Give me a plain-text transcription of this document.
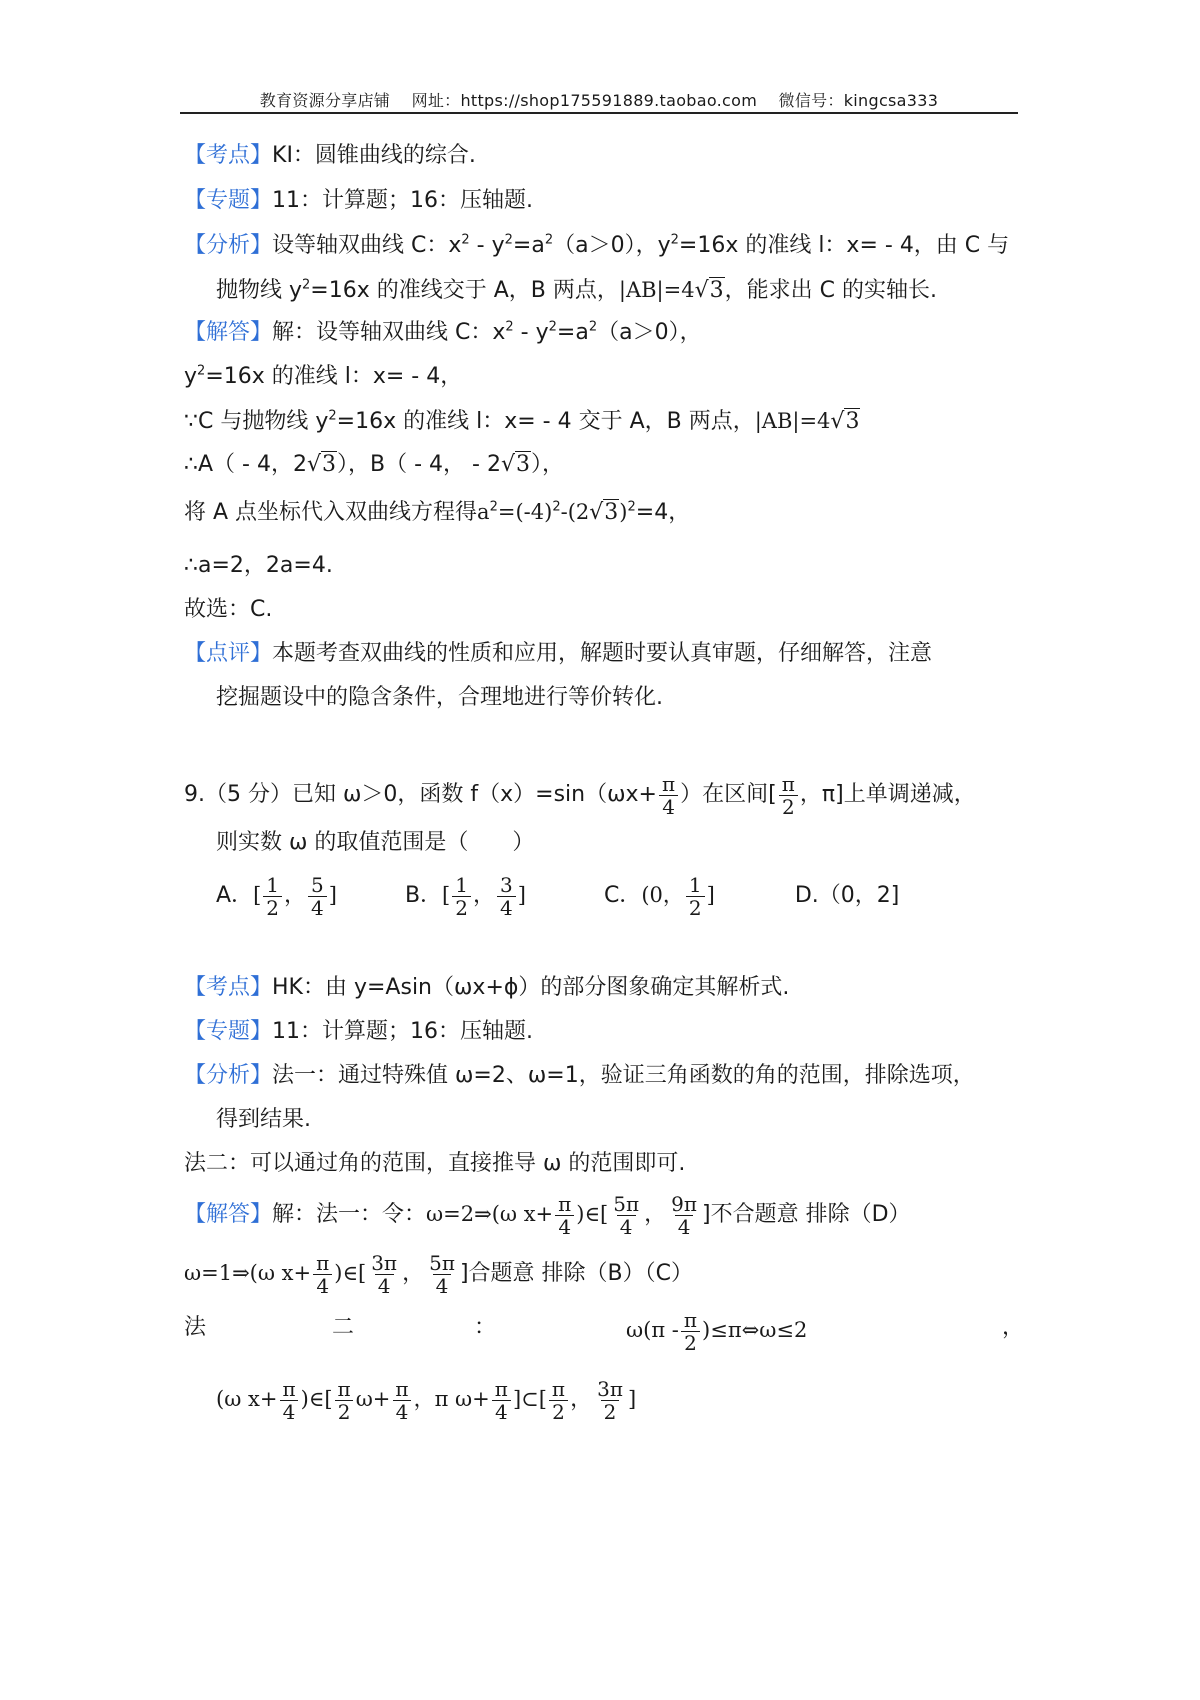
教育资源分享店铺 网址：https://shop175591889.taobao.com 微信号：kingcsa333
【考点】KI：圆锥曲线的综合.
【专题】11：计算题；16：压轴题.
【分析】设等轴双曲线 C：$x^2 - y^2=a^2(a>0)$，$y^2=16x$ 的准线 l：x= - 4，由 C 与
抛物线 $y^2=16x$ 的准线交于 A，B 两点，|AB|=4√3，能求出 C 的实轴长.
【解答】解：设等轴双曲线 C：$x^2 - y^2=a^2(a>0)$，
$y^2=16x$ 的准线 l：x= - 4，
∵C 与抛物线 $y^2=16x$ 的准线 l：x= - 4 交于 A，B 两点，|AB|=4√3
∴A（ - 4，2√3），B（ - 4， - 2√3），
将 A 点坐标代入双曲线方程得$a^2=(-4)^2-(2√3)^2=4$，
∴a=2，2a=4.
故选：C.
【点评】本题考查双曲线的性质和应用，解题时要认真审题，仔细解答，注意
挖掘题设中的隐含条件，合理地进行等价转化.
9.（5 分）已知 ω＞0，函数 $f(x)=\sin(\omega x+ \frac{\pi}{4}$ ）在区间[ $\frac{\pi}{2}$ ，π]上单调递减，
则实数 ω 的取值范围是（　　）
A．[ $\frac{1}{2}$ ， $\frac{5}{4}$ ]	B．[ $\frac{1}{2}$ ， $\frac{3}{4}$ ]	C．(0， $\frac{1}{2}$ ]	D.（0，2]
【考点】HK：由 y=Asin（ωx+ϕ）的部分图象确定其解析式.
【专题】11：计算题；16：压轴题.
【分析】法一：通过特殊值 ω=2、ω=1，验证三角函数的角的范围，排除选项，
得到结果.
法二：可以通过角的范围，直接推导 ω 的范围即可.
【解答】解：法一：令：ω=2⇒(ω $x+ \frac{\pi}{4}$ )∈[ $\frac{5\pi}{4}$ ， $\frac{9\pi}{4}$ ]不合题意 排除（D）
ω=1⇒(ω $x+ \frac{\pi}{4}$ )∈[ $\frac{3\pi}{4}$ ， $\frac{5\pi}{4}$ ]合题意 排除（B）（C）
法	二	：	$\omega(\pi - \frac{\pi}{2}$ )≤π⇔ω≤2	，
(ω $x+ \frac{\pi}{4}$ )∈[ $\frac{\pi}{2} \omega+ \frac{\pi}{4}$ ，π $\omega+ \frac{\pi}{4}$ ]⊂[ $\frac{\pi}{2}$ ， $\frac{3\pi}{2}$ ]
